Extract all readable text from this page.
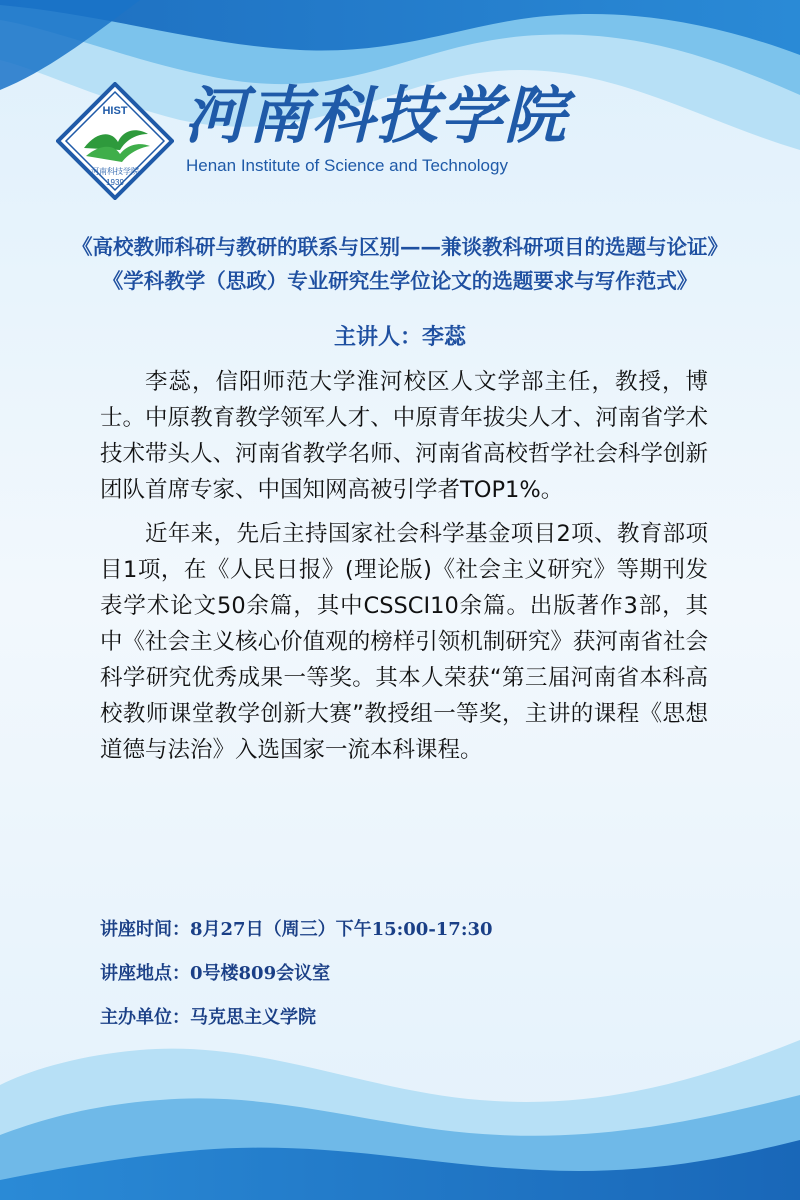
HIST
河南科技学院
1939
河南科技学院
Henan Institute of Science and Technology
《高校教师科研与教研的联系与区别——兼谈教科研项目的选题与论证》
《学科教学（思政）专业研究生学位论文的选题要求与写作范式》
主讲人：李蕊

李蕊，信阳师范大学淮河校区人文学部主任，教授，博士。中原教育教学领军人才、中原青年拔尖人才、河南省学术技术带头人、河南省教学名师、河南省高校哲学社会科学创新团队首席专家、中国知网高被引学者TOP1%。

近年来，先后主持国家社会科学基金项目2项、教育部项目1项，在《人民日报》(理论版)《社会主义研究》等期刊发表学术论文50余篇，其中CSSCI10余篇。出版著作3部，其中《社会主义核心价值观的榜样引领机制研究》获河南省社会科学研究优秀成果一等奖。其本人荣获“第三届河南省本科高校教师课堂教学创新大赛”教授组一等奖，主讲的课程《思想道德与法治》入选国家一流本科课程。

讲座时间：8月27日（周三）下午15:00-17:30
讲座地点：0号楼809会议室
主办单位：马克思主义学院
